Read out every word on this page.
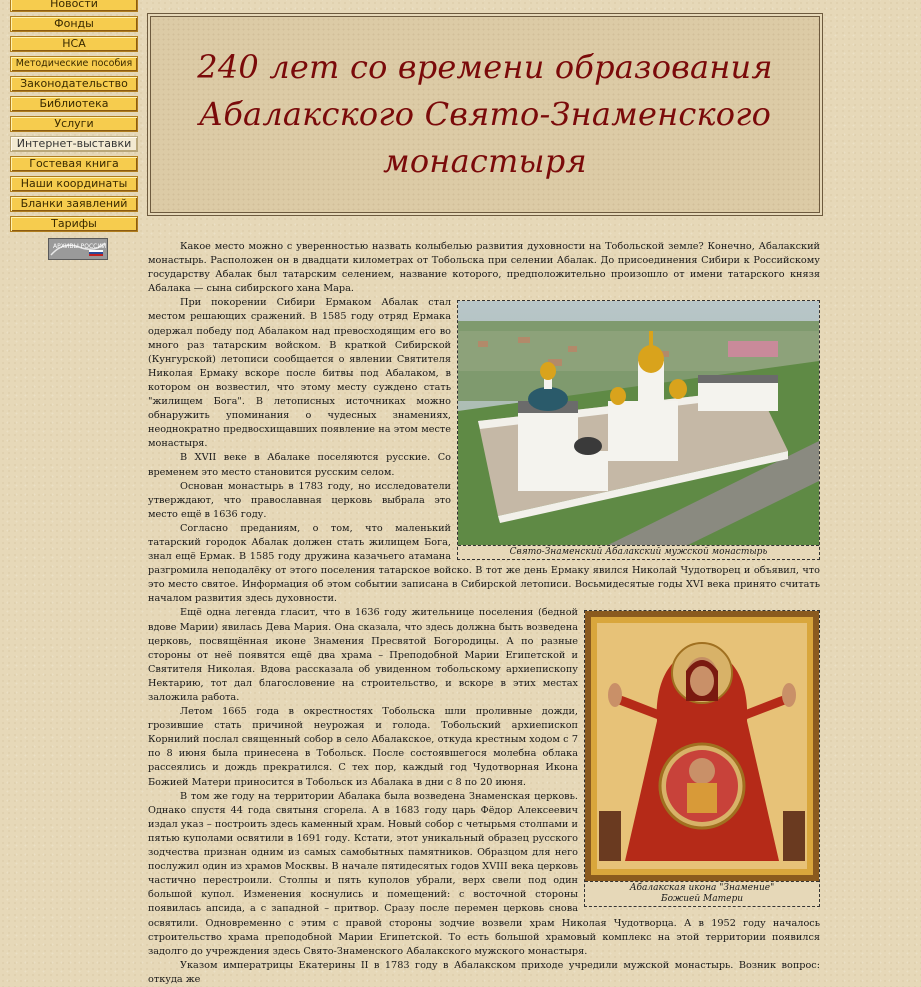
Новости
Фонды
НСА
Методические пособия
Законодательство
Библиотека
Услуги
Интернет-выставки
Гостевая книга
Наши координаты
Бланки заявлений
Тарифы
АРХИВЫ РОССИИ
240 лет со времени образования
Абалакского Свято-Знаменского
монастыря

Какое место можно с уверенностью назвать колыбелью развития духовности на Тобольской земле? Конечно, Абалакский монастырь. Расположен он в двадцати километрах от Тобольска при селении Абалак. До присоединения Сибири к Российскому государству Абалак был татарским селением, название которого, предположительно произошло от имени татарского князя Абалака — сына сибирского хана Мара.

Свято-Знаменский Абалакский мужской монастырь

При покорении Сибири Ермаком Абалак стал местом решающих сражений. В 1585 году отряд Ермака одержал победу под Абалаком над превосходящим его во много раз татарским войском. В краткой Сибирской (Кунгурской) летописи сообщается о явлении Святителя Николая Ермаку вскоре после битвы под Абалаком, в котором он возвестил, что этому месту суждено стать "жилищем Бога". В летописных источниках можно обнаружить упоминания о чудесных знамениях, неоднократно предвосхищавших появление на этом месте монастыря.

В XVII веке в Абалаке поселяются русские. Со временем это место становится русским селом.

Основан монастырь в 1783 году, но исследователи утверждают, что православная церковь выбрала это место ещё в 1636 году.

Согласно преданиям, о том, что маленький татарский городок Абалак должен стать жилищем Бога, знал ещё Ермак. В 1585 году дружина казачьего атамана разгромила неподалёку от этого поселения татарское войско. В тот же день Ермаку явился Николай Чудотворец и объявил, что это место святое. Информация об этом событии записана в Сибирской летописи. Восьмидесятые годы XVI века принято считать началом развития здесь духовности.

Абалакская икона "Знамение"
Божией Матери

Ещё одна легенда гласит, что в 1636 году жительнице поселения (бедной вдове Марии) явилась Дева Мария. Она сказала, что здесь должна быть возведена церковь, посвящённая иконе Знамения Пресвятой Богородицы. А по разные стороны от неё появятся ещё два храма – Преподобной Марии Египетской и Святителя Николая. Вдова рассказала об увиденном тобольскому архиепископу Нектарию, тот дал благословение на строительство, и вскоре в этих местах заложила работа.

Летом 1665 года в окрестностях Тобольска шли проливные дожди, грозившие стать причиной неурожая и голода. Тобольский архиепископ Корнилий послал священный собор в село Абалакское, откуда крестным ходом с 7 по 8 июня была принесена в Тобольск. После состоявшегося молебна облака рассеялись и дождь прекратился. С тех пор, каждый год Чудотворная Икона Божией Матери приносится в Тобольск из Абалака в дни с 8 по 20 июня.

В том же году на территории Абалака была возведена Знаменская церковь. Однако спустя 44 года святыня сгорела. А в 1683 году царь Фёдор Алексеевич издал указ – построить здесь каменный храм. Новый собор с четырьмя столпами и пятью куполами освятили в 1691 году. Кстати, этот уникальный образец русского зодчества признан одним из самых самобытных памятников. Образцом для него послужил один из храмов Москвы. В начале пятидесятых годов XVIII века церковь частично перестроили. Столпы и пять куполов убрали, верх свели под один большой купол. Изменения коснулись и помещений: с восточной стороны появилась апсида, а с западной – притвор. Сразу после перемен церковь снова освятили. Одновременно с этим с правой стороны зодчие возвели храм Николая Чудотворца. А в 1952 году началось строительство храма преподобной Марии Египетской. То есть большой храмовый комплекс на этой территории появился задолго до учреждения здесь Свято-Знаменского Абалакского мужского монастыря.

Указом императрицы Екатерины II в 1783 году в Абалакском приходе учредили мужской монастырь. Возник вопрос: откуда же
